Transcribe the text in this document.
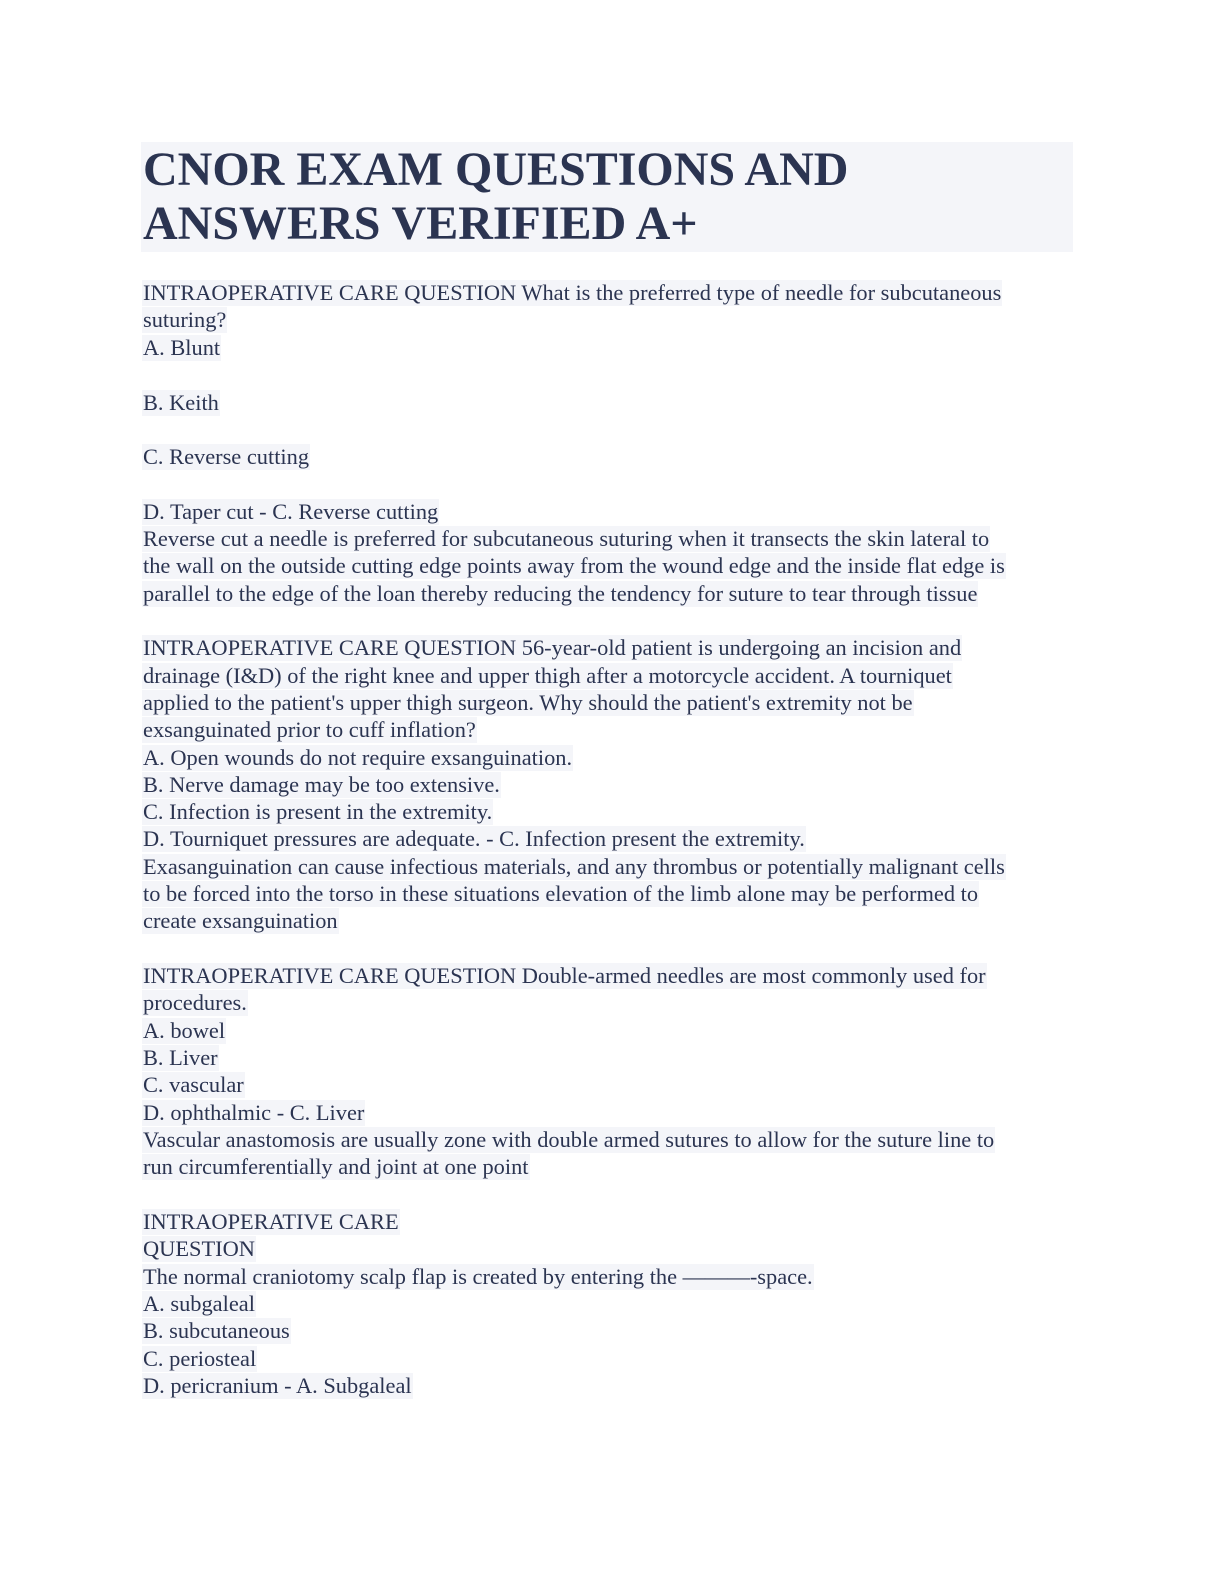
CNOR EXAM QUESTIONS AND
ANSWERS VERIFIED A+
INTRAOPERATIVE CARE QUESTION What is the preferred type of needle for subcutaneous
suturing?
A. Blunt
B. Keith
C. Reverse cutting
D. Taper cut - C. Reverse cutting
Reverse cut a needle is preferred for subcutaneous suturing when it transects the skin lateral to
the wall on the outside cutting edge points away from the wound edge and the inside flat edge is
parallel to the edge of the loan thereby reducing the tendency for suture to tear through tissue
INTRAOPERATIVE CARE QUESTION 56-year-old patient is undergoing an incision and
drainage (I&D) of the right knee and upper thigh after a motorcycle accident. A tourniquet
applied to the patient's upper thigh surgeon. Why should the patient's extremity not be
exsanguinated prior to cuff inflation?
A. Open wounds do not require exsanguination.
B. Nerve damage may be too extensive.
C. Infection is present in the extremity.
D. Tourniquet pressures are adequate. - C. Infection present the extremity.
Exasanguination can cause infectious materials, and any thrombus or potentially malignant cells
to be forced into the torso in these situations elevation of the limb alone may be performed to
create exsanguination
INTRAOPERATIVE CARE QUESTION Double-armed needles are most commonly used for
procedures.
A. bowel
B. Liver
C. vascular
D. ophthalmic - C. Liver
Vascular anastomosis are usually zone with double armed sutures to allow for the suture line to
run circumferentially and joint at one point
INTRAOPERATIVE CARE
QUESTION
The normal craniotomy scalp flap is created by entering the ———-space.
A. subgaleal
B. subcutaneous
C. periosteal
D. pericranium - A. Subgaleal
